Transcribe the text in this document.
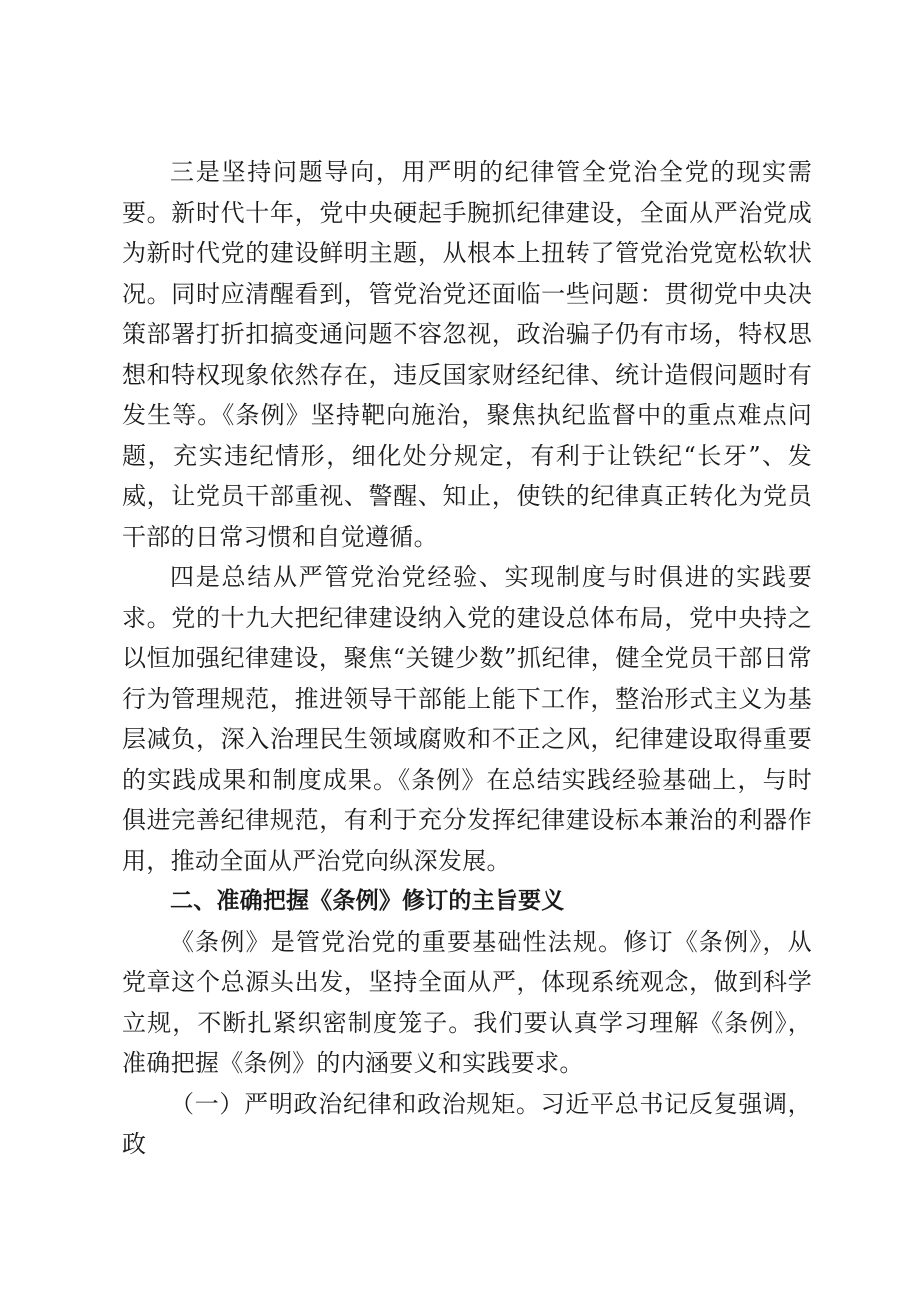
三是坚持问题导向，用严明的纪律管全党治全党的现实需要。新时代十年，党中央硬起手腕抓纪律建设，全面从严治党成为新时代党的建设鲜明主题，从根本上扭转了管党治党宽松软状况。同时应清醒看到，管党治党还面临一些问题：贯彻党中央决策部署打折扣搞变通问题不容忽视，政治骗子仍有市场，特权思想和特权现象依然存在，违反国家财经纪律、统计造假问题时有发生等。《条例》坚持靶向施治，聚焦执纪监督中的重点难点问题，充实违纪情形，细化处分规定，有利于让铁纪“长牙”、发威，让党员干部重视、警醒、知止，使铁的纪律真正转化为党员干部的日常习惯和自觉遵循。

四是总结从严管党治党经验、实现制度与时俱进的实践要求。党的十九大把纪律建设纳入党的建设总体布局，党中央持之以恒加强纪律建设，聚焦“关键少数”抓纪律，健全党员干部日常行为管理规范，推进领导干部能上能下工作，整治形式主义为基层减负，深入治理民生领域腐败和不正之风，纪律建设取得重要的实践成果和制度成果。《条例》在总结实践经验基础上，与时俱进完善纪律规范，有利于充分发挥纪律建设标本兼治的利器作用，推动全面从严治党向纵深发展。

二、准确把握《条例》修订的主旨要义

《条例》是管党治党的重要基础性法规。修订《条例》，从党章这个总源头出发，坚持全面从严，体现系统观念，做到科学立规，不断扎紧织密制度笼子。我们要认真学习理解《条例》，准确把握《条例》的内涵要义和实践要求。

（一）严明政治纪律和政治规矩。习近平总书记反复强调，政
